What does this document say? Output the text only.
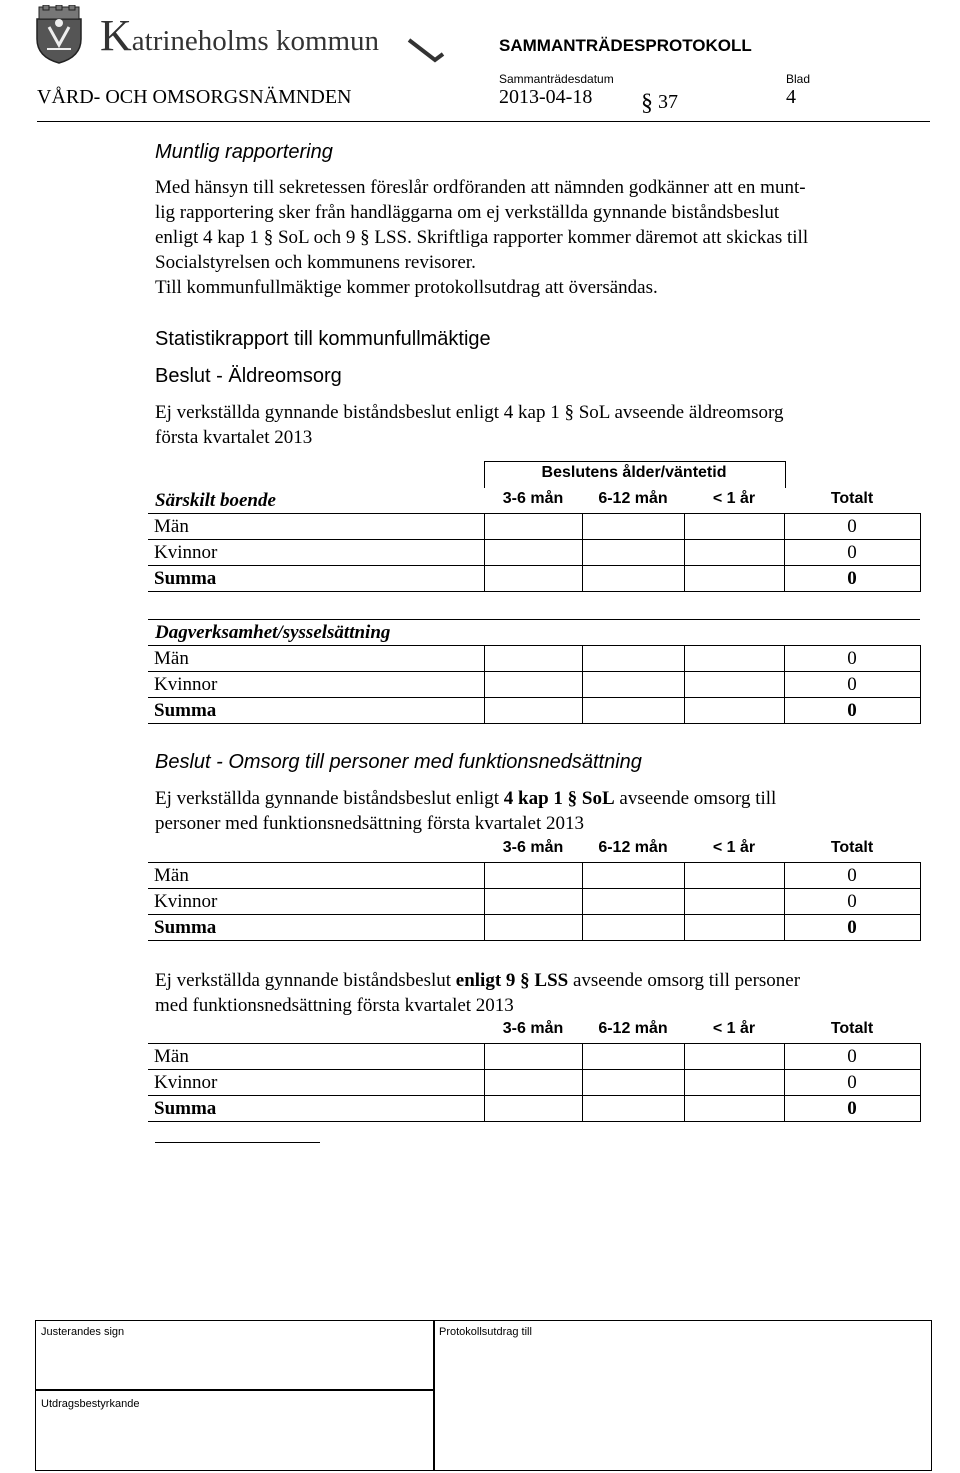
Katrineholms kommun	SAMMANTRÄDESPROTOKOLL
Sammanträdesdatum	Blad
VÅRD- OCH OMSORGSNÄMNDEN	2013-04-18 § 37	4
Muntlig rapportering
Med hänsyn till sekretessen föreslår ordföranden att nämnden godkänner att en munt-
lig rapportering sker från handläggarna om ej verkställda gynnande biståndsbeslut
enligt 4 kap 1 § SoL och 9 § LSS. Skriftliga rapporter kommer däremot att skickas till
Socialstyrelsen och kommunens revisorer.
Till kommunfullmäktige kommer protokollsutdrag att översändas.
Statistikrapport till kommunfullmäktige
Beslut - Äldreomsorg
Ej verkställda gynnande biståndsbeslut enligt 4 kap 1 § SoL avseende äldreomsorg
första kvartalet 2013
Beslutens ålder/väntetid
Särskilt boende	3-6 mån	6-12 mån	< 1 år	Totalt
Män				0
Kvinnor				0
Summa				0
Dagverksamhet/sysselsättning
Män				0
Kvinnor				0
Summa				0
Beslut - Omsorg till personer med funktionsnedsättning
Ej verkställda gynnande biståndsbeslut enligt 4 kap 1 § SoL avseende omsorg till
personer med funktionsnedsättning första kvartalet 2013
3-6 mån	6-12 mån	< 1 år	Totalt
Män				0
Kvinnor				0
Summa				0
Ej verkställda gynnande biståndsbeslut enligt 9 § LSS avseende omsorg till personer
med funktionsnedsättning första kvartalet 2013
3-6 mån	6-12 mån	< 1 år	Totalt
Män				0
Kvinnor				0
Summa				0
Justerandes sign	Protokollsutdrag till
Utdragsbestyrkande
